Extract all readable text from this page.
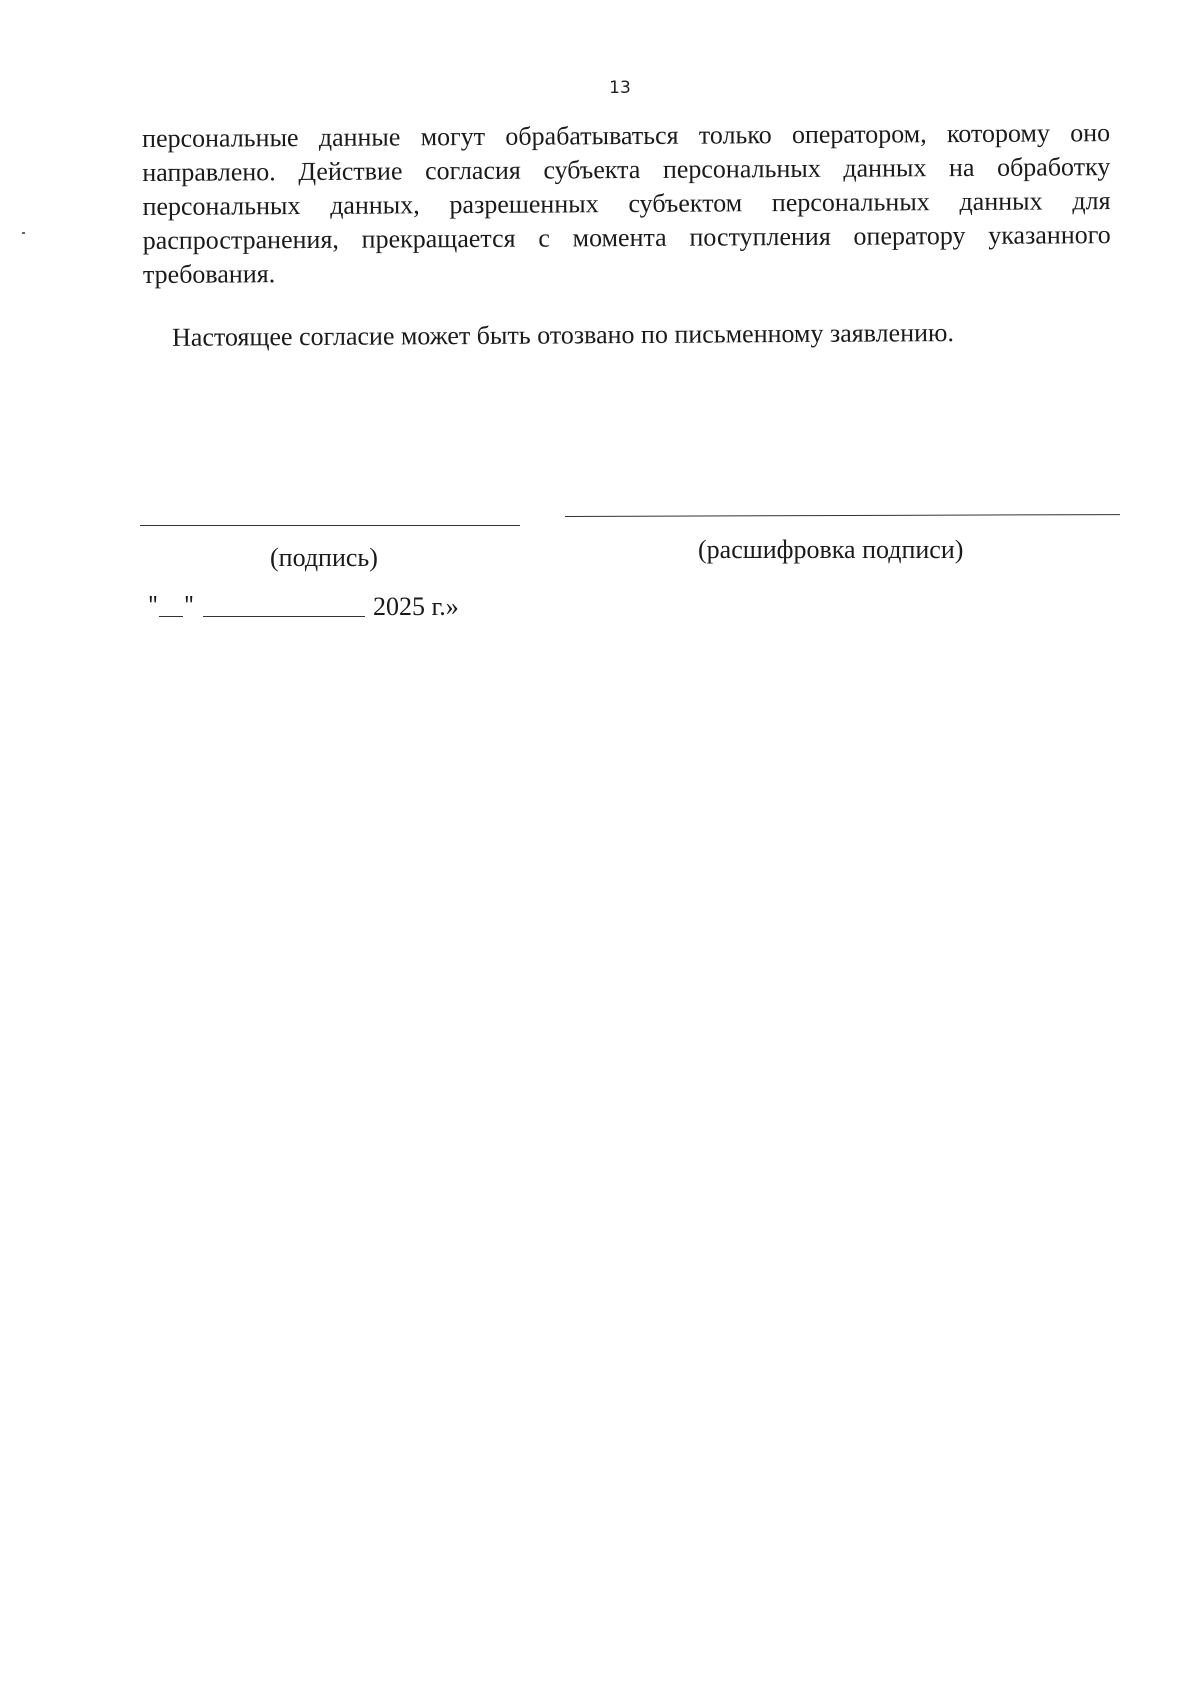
13

персональные данные могут обрабатываться только оператором, которому оно направлено. Действие согласия субъекта персональных данных на обработку персональных данных, разрешенных субъектом персональных данных для распространения, прекращается с момента поступления оператору указанного требования.

Настоящее согласие может быть отозвано по письменному заявлению.

(подпись)	(расшифровка подписи)
" "	2025 г.»
